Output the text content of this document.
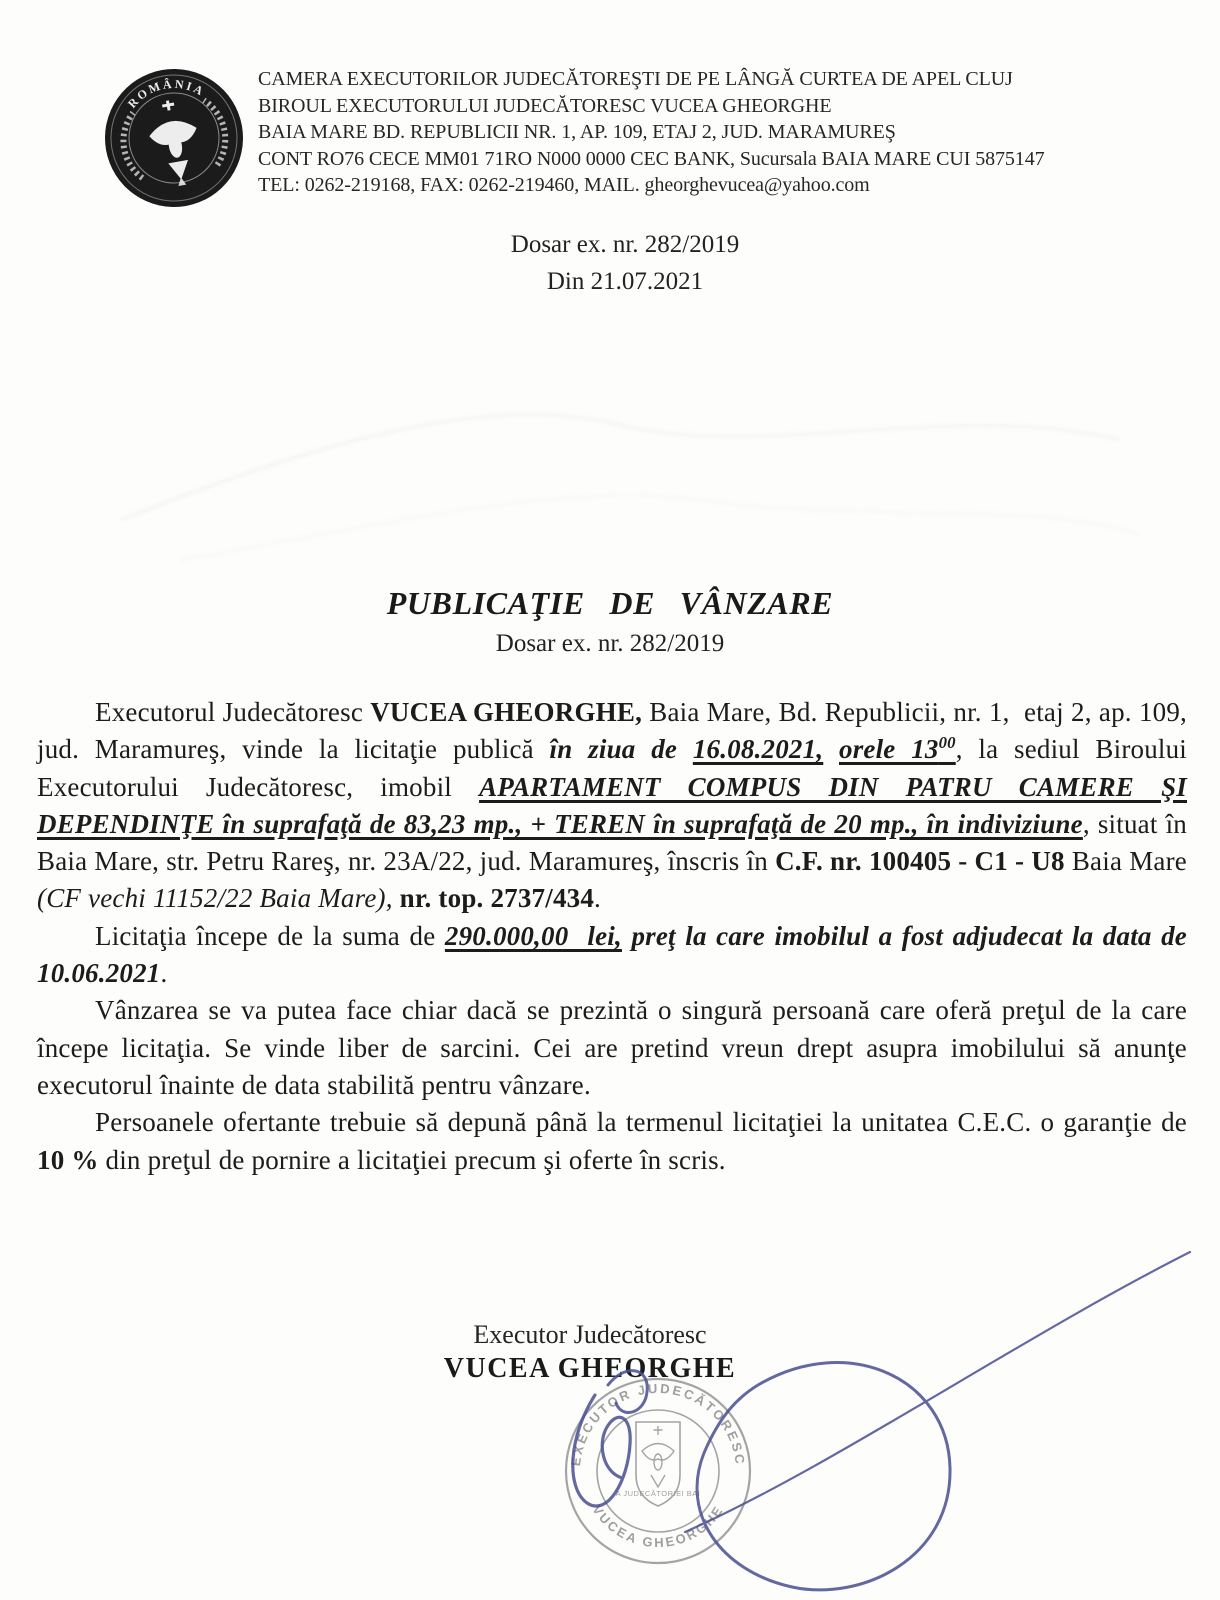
ROMÂNIA
CAMERA EXECUTORILOR JUDECĂTOREŞTI DE PE LÂNGĂ CURTEA DE APEL CLUJ
BIROUL EXECUTORULUI JUDECĂTORESC VUCEA GHEORGHE
BAIA MARE BD. REPUBLICII NR. 1, AP. 109, ETAJ 2, JUD. MARAMUREŞ
CONT RO76 CECE MM01 71RO N000 0000 CEC BANK, Sucursala BAIA MARE CUI 5875147
TEL: 0262-219168, FAX: 0262-219460, MAIL. gheorghevucea@yahoo.com
Dosar ex. nr. 282/2019
Din 21.07.2021
PUBLICAŢIE DE VÂNZARE
Dosar ex. nr. 282/2019

Executorul Judecătoresc VUCEA GHEORGHE, Baia Mare, Bd. Republicii, nr. 1,  etaj 2, ap. 109, jud. Maramureş, vinde la licitaţie publică în ziua de 16.08.2021, orele $13^{00}$, la sediul Biroului Executorului Judecătoresc, imobil APARTAMENT COMPUS DIN PATRU CAMERE ŞI DEPENDINŢE în suprafaţă de 83,23 mp., + TEREN în suprafaţă de 20 mp., în indiviziune, situat în Baia Mare, str. Petru Rareş, nr. 23A/22, jud. Maramureş, înscris în C.F. nr. 100405 - C1 - U8 Baia Mare (CF vechi 11152/22 Baia Mare), nr. top. 2737/434.

Licitaţia începe de la suma de 290.000,00  lei, preţ la care imobilul a fost adjudecat la data de 10.06.2021.

Vânzarea se va putea face chiar dacă se prezintă o singură persoană care oferă preţul de la care începe licitaţia. Se vinde liber de sarcini. Cei are pretind vreun drept asupra imobilului să anunţe executorul înainte de data stabilită pentru vânzare.

Persoanele ofertante trebuie să depună până la termenul licitaţiei la unitatea C.E.C. o garanţie de 10 % din preţul de pornire a licitaţiei precum şi oferte în scris.

Executor Judecătoresc
VUCEA GHEORGHE
EXECUTOR JUDECĂTORESC
VUCEA GHEORGHE
A JUDECĂTORIEI BAI
